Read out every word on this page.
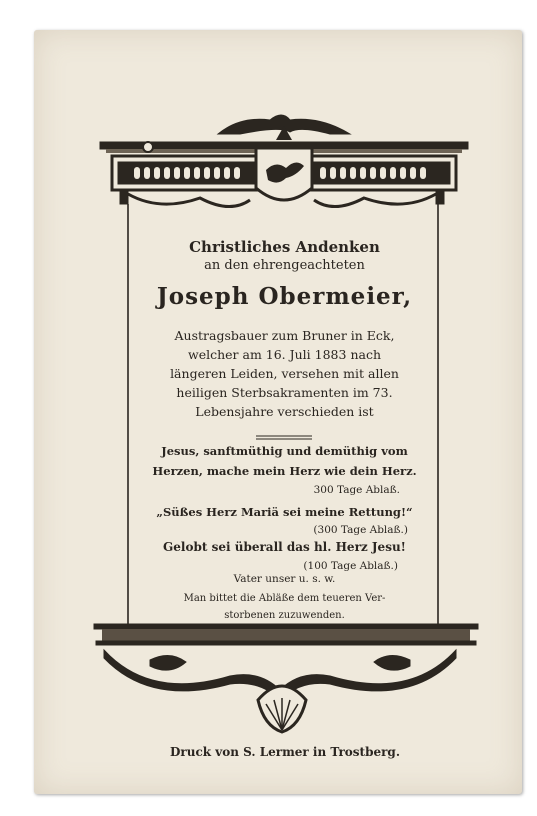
Christliches Andenken

an den ehrengeachteten

Joseph Obermeier,

Austragsbauer zum Bruner in Eck,
welcher am 16. Juli 1883 nach
längeren Leiden, versehen mit allen
heiligen Sterbsakramenten im 73.
Lebensjahre verschieden ist
Jesus, sanftmüthig und demüthig vom
Herzen, mache mein Herz wie dein Herz.

300 Tage Ablaß.

„Süßes Herz Mariä sei meine Rettung!“

(300 Tage Ablaß.)

Gelobt sei überall das hl. Herz Jesu!

(100 Tage Ablaß.)

Vater unser u. s. w.

Man bittet die Abläße dem teueren Ver-
storbenen zuzuwenden.
Druck von S. Lermer in Trostberg.
